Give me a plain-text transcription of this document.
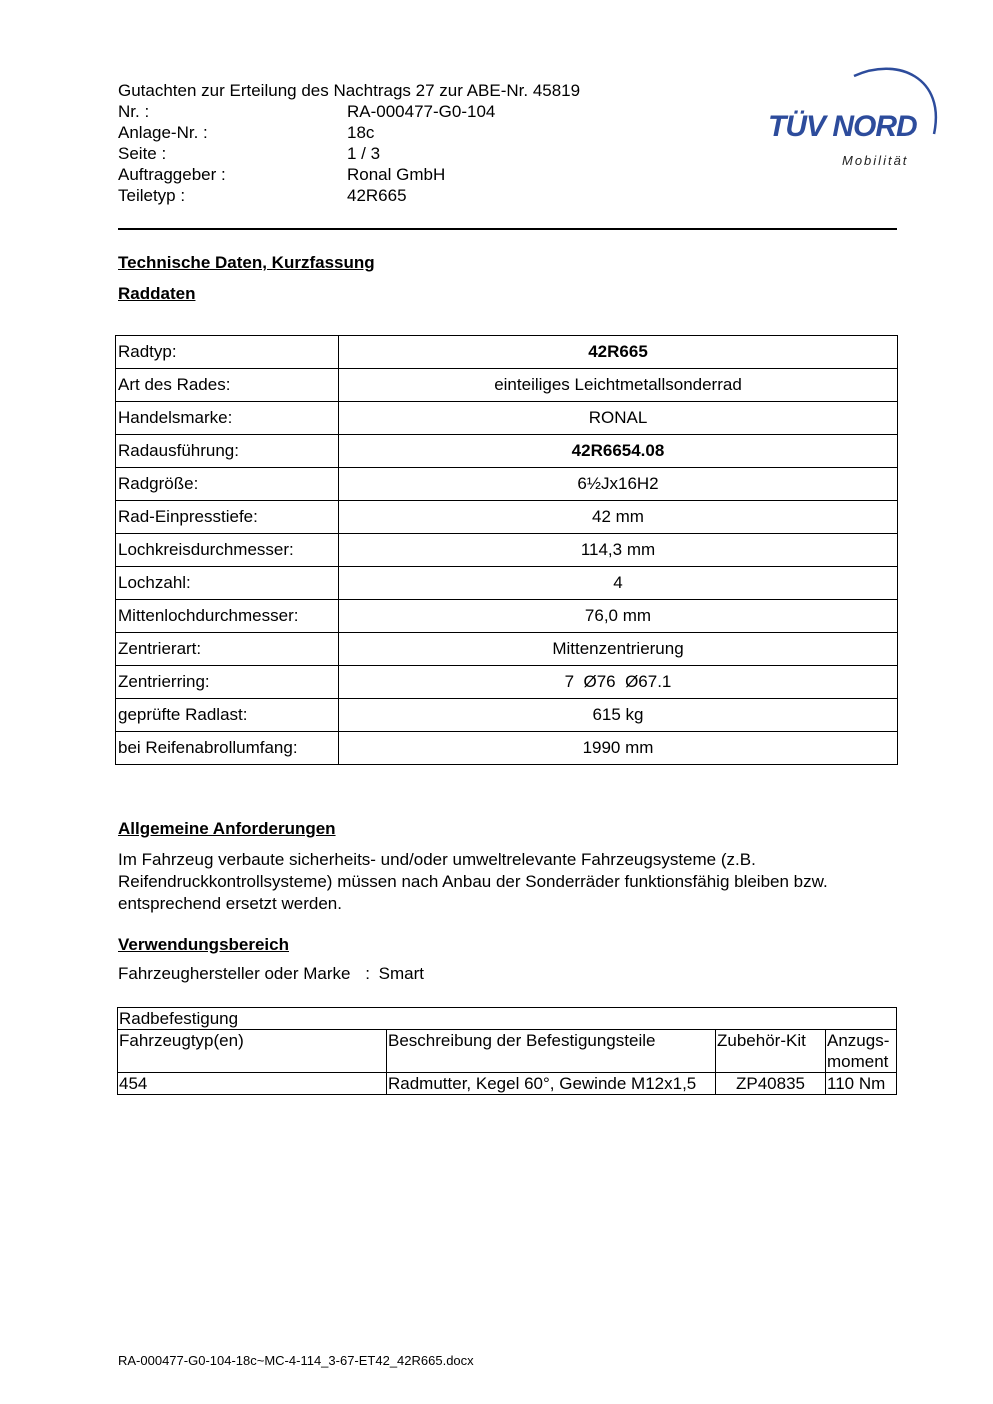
Gutachten zur Erteilung des Nachtrags 27 zur ABE-Nr. 45819
Nr. :	RA-000477-G0-104
Anlage-Nr. :	18c
Seite :	1 / 3
Auftraggeber :	Ronal GmbH
Teiletyp :	42R665
TÜV NORD
Mobilität
Technische Daten, Kurzfassung
Raddaten
Radtyp:	42R665
Art des Rades:	einteiliges Leichtmetallsonderrad
Handelsmarke:	RONAL
Radausführung:	42R6654.08
Radgröße:	6½Jx16H2
Rad-Einpresstiefe:	42 mm
Lochkreisdurchmesser:	114,3 mm
Lochzahl:	4
Mittenlochdurchmesser:	76,0 mm
Zentrierart:	Mittenzentrierung
Zentrierring:	7  Ø76  Ø67.1
geprüfte Radlast:	615 kg
bei Reifenabrollumfang:	1990 mm
Allgemeine Anforderungen
Im Fahrzeug verbaute sicherheits- und/oder umweltrelevante Fahrzeugsysteme (z.B. Reifendruckkontrollsysteme) müssen nach Anbau der Sonderräder funktionsfähig bleiben bzw. entsprechend ersetzt werden.
Verwendungsbereich
Fahrzeughersteller oder Marke : Smart
Radbefestigung			
Fahrzeugtyp(en)	Beschreibung der Befestigungsteile	Zubehör-Kit	Anzugs-moment
454	Radmutter, Kegel 60°, Gewinde M12x1,5	ZP40835	110 Nm
RA-000477-G0-104-18c~MC-4-114_3-67-ET42_42R665.docx
